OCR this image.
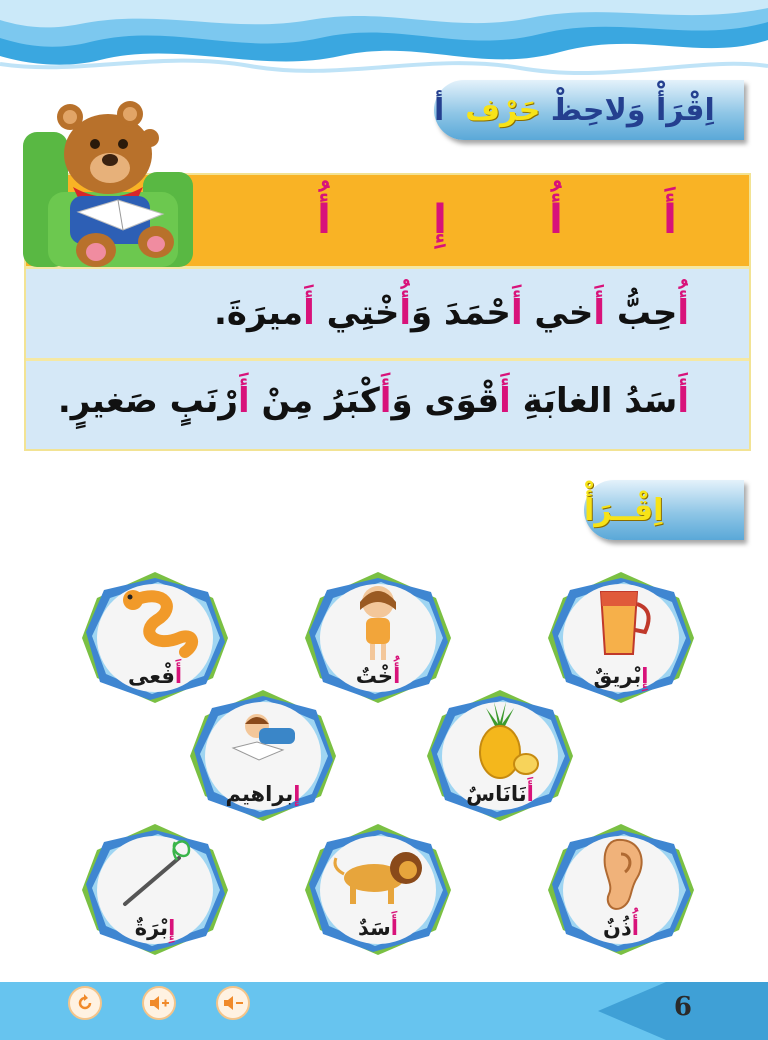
اِقْرَأْ وَلاحِظْ

حَرْف

أ
أَ
أُ
إِ
أُ
أُحِبُّ أَخي أَحْمَدَ وَأُخْتِي أَميرَةَ.
أَسَدُ الغابَةِ أَقْوَى وَأَكْبَرُ مِنْ أَرْنَبٍ صَغيرٍ.
اِقْــرَأْ
أَفْعى	أُخْتٌ	إِبْريقٌ
إبراهيم	أَنَانَاسٌ
إِبْرَةٌ	أَسَدٌ	أُذُنٌ
6
